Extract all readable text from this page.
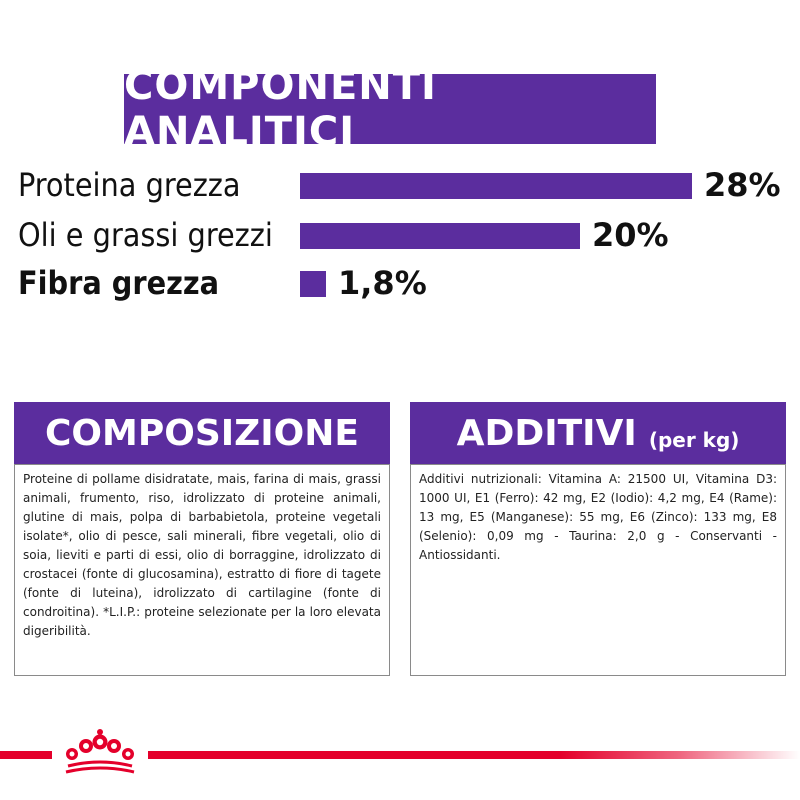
COMPONENTI ANALITICI
Proteina grezza	28%
Oli e grassi grezzi	20%
Fibra grezza	1,8%
COMPOSIZIONE
Proteine di pollame disidratate, mais, farina di mais, grassi animali, frumento, riso, idrolizzato di proteine animali, glutine di mais, polpa di barbabietola, proteine vegetali isolate*, olio di pesce, sali minerali, fibre vegetali, olio di soia, lieviti e parti di essi, olio di borraggine, idrolizzato di crostacei (fonte di glucosamina), estratto di fiore di tagete (fonte di luteina), idrolizzato di cartilagine (fonte di condroitina). *L.I.P.: proteine selezionate per la loro elevata digeribilità.
ADDITIVI (per kg)
Additivi nutrizionali: Vitamina A: 21500 UI, Vitamina D3: 1000 UI, E1 (Ferro): 42 mg, E2 (Iodio): 4,2 mg, E4 (Rame): 13 mg, E5 (Manganese): 55 mg, E6 (Zinco): 133 mg, E8 (Selenio): 0,09 mg - Taurina: 2,0 g - Conservanti - Antiossidanti.
